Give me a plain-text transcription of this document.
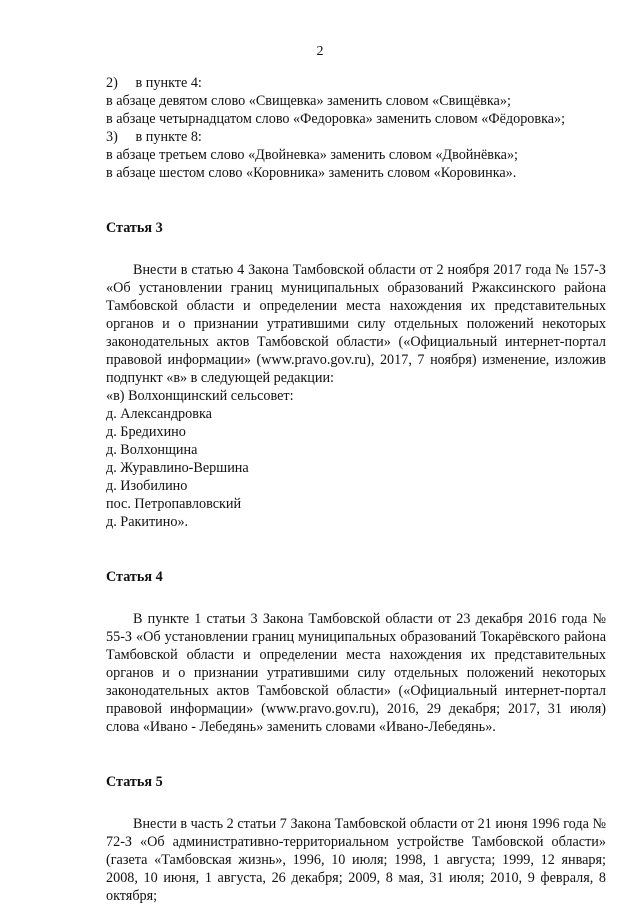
2
2)     в пункте 4:
в абзаце девятом слово «Свищевка» заменить словом «Свищёвка»;
в абзаце четырнадцатом слово «Федоровка» заменить словом «Фёдоровка»;
3)     в пункте 8:
в абзаце третьем слово «Двойневка» заменить словом «Двойнёвка»;
в абзаце шестом слово «Коровника» заменить словом «Коровинка».
Статья 3
Внести в статью 4 Закона Тамбовской области от 2 ноября 2017 года № 157-З «Об установлении границ муниципальных образований Ржаксинского района Тамбовской области и определении места нахождения их представительных органов и о признании утратившими силу отдельных положений некоторых законодательных актов Тамбовской области» («Официальный интернет-портал правовой информации» (www.pravo.gov.ru), 2017, 7 ноября) изменение, изложив подпункт «в» в следующей редакции:
«в) Волхонщинский сельсовет:
д. Александровка
д. Бредихино
д. Волхонщина
д. Журавлино-Вершина
д. Изобилино
пос. Петропавловский
д. Ракитино».
Статья 4
В пункте 1 статьи 3 Закона Тамбовской области от 23 декабря 2016 года № 55-З «Об установлении границ муниципальных образований Токарёвского района Тамбовской области и определении места нахождения их представительных органов и о признании утратившими силу отдельных положений некоторых законодательных актов Тамбовской области» («Официальный интернет-портал правовой информации» (www.pravo.gov.ru), 2016, 29 декабря; 2017, 31 июля) слова «Ивано - Лебедянь» заменить словами «Ивано-Лебедянь».
Статья 5
Внести в часть 2 статьи 7 Закона Тамбовской области от 21 июня 1996 года № 72-З «Об административно-территориальном устройстве Тамбовской области» (газета «Тамбовская жизнь», 1996, 10 июля; 1998, 1 августа; 1999, 12 января; 2008, 10 июня, 1 августа, 26 декабря; 2009, 8 мая, 31 июля; 2010, 9 февраля, 8 октября;
